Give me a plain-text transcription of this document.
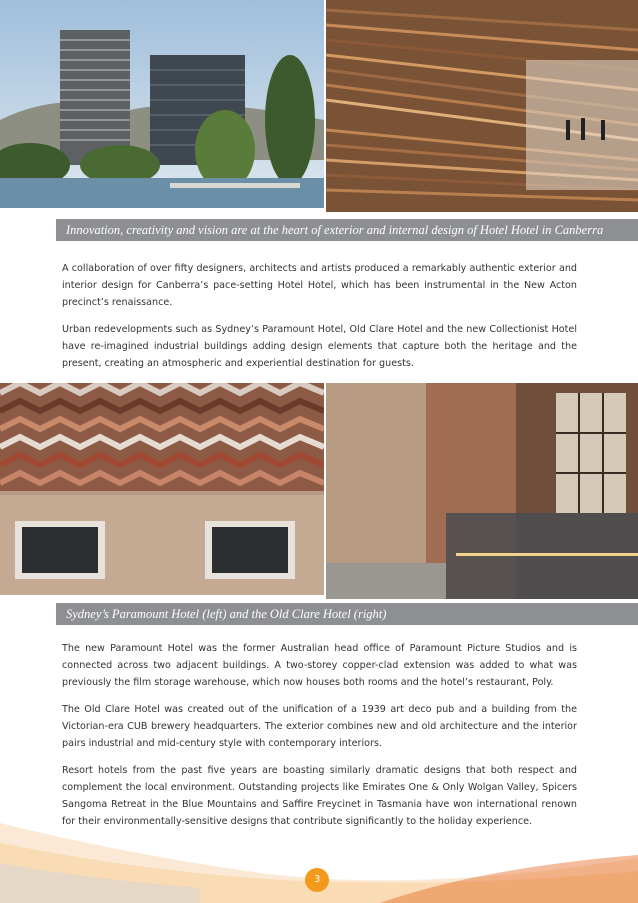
Innovation, creativity and vision are at the heart of exterior and internal design of Hotel Hotel in Canberra

A collaboration of over fifty designers, architects and artists produced a remarkably authentic exterior and interior design for Canberra’s pace-setting Hotel Hotel, which has been instrumental in the New Acton precinct’s renaissance.

Urban redevelopments such as Sydney’s Paramount Hotel, Old Clare Hotel and the new Collectionist Hotel have re-imagined industrial buildings adding design elements that capture both the heritage and the present, creating an atmospheric and experiential destination for guests.

Sydney’s Paramount Hotel (left) and the Old Clare Hotel (right)

The new Paramount Hotel was the former Australian head office of Paramount Picture Studios and is connected across two adjacent buildings. A two-storey copper-clad extension was added to what was previously the film storage warehouse, which now houses both rooms and the hotel’s restaurant, Poly.

The Old Clare Hotel was created out of the unification of a 1939 art deco pub and a building from the Victorian-era CUB brewery headquarters. The exterior combines new and old architecture and the interior pairs industrial and mid-century style with contemporary interiors.

Resort hotels from the past five years are boasting similarly dramatic designs that both respect and complement the local environment. Outstanding projects like Emirates One & Only Wolgan Valley, Spicers Sangoma Retreat in the Blue Mountains and Saffire Freycinet in Tasmania have won international renown for their environmentally-sensitive designs that contribute significantly to the holiday experience.

3
